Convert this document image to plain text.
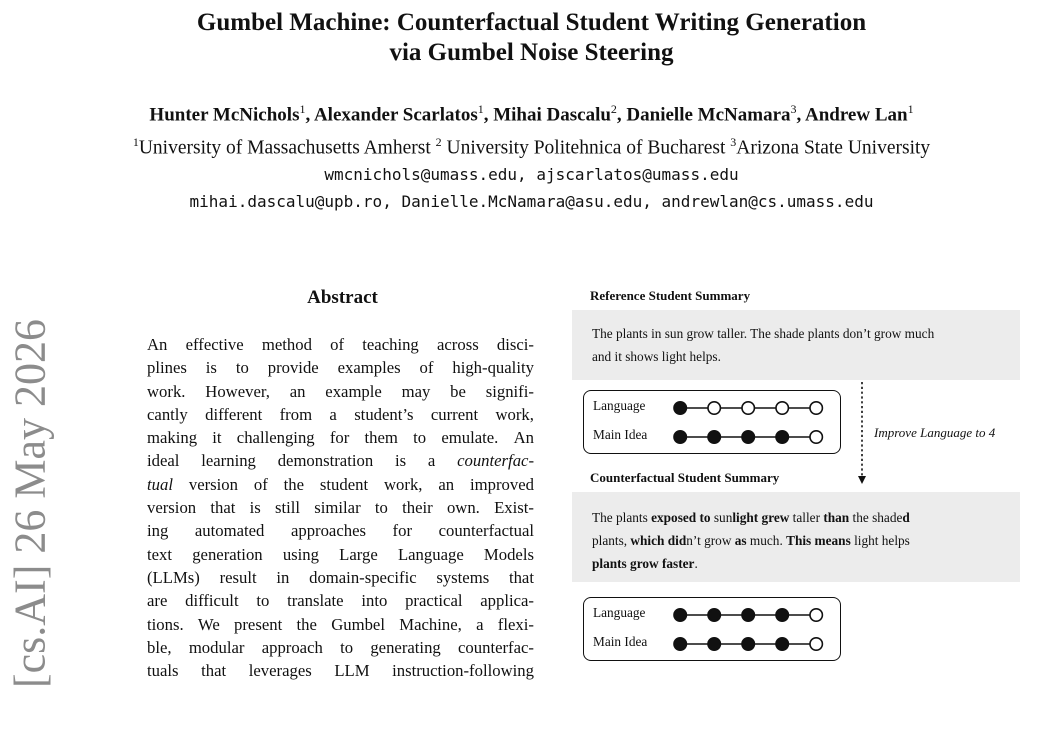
[cs.AI] 26 May 2026
Gumbel Machine: Counterfactual Student Writing Generation
via Gumbel Noise Steering
Hunter McNichols$^1$, Alexander Scarlatos$^1$, Mihai Dascalu$^2$, Danielle McNamara$^3$, Andrew Lan$^1$
$^1$University of Massachusetts Amherst $^2$ University Politehnica of Bucharest $^3$Arizona State University
wmcnichols@umass.edu, ajscarlatos@umass.edu
mihai.dascalu@upb.ro, Danielle.McNamara@asu.edu, andrewlan@cs.umass.edu
Abstract
An effective method of teaching across disci-
plines is to provide examples of high-quality
work. However, an example may be signifi-
cantly different from a student’s current work,
making it challenging for them to emulate. An
ideal learning demonstration is a counterfac-
tual version of the student work, an improved
version that is still similar to their own. Exist-
ing automated approaches for counterfactual
text generation using Large Language Models
(LLMs) result in domain-specific systems that
are difficult to translate into practical applica-
tions. We present the Gumbel Machine, a flexi-
ble, modular approach to generating counterfac-
tuals that leverages LLM instruction-following
Reference Student Summary
The plants in sun grow taller. The shade plants don’t grow much
and it shows light helps.
Language
Main Idea	Improve Language to 4
Counterfactual Student Summary
The plants exposed to sunlight grew taller than the shaded
plants, which didn’t grow as much. This means light helps
plants grow faster.
Language
Main Idea
